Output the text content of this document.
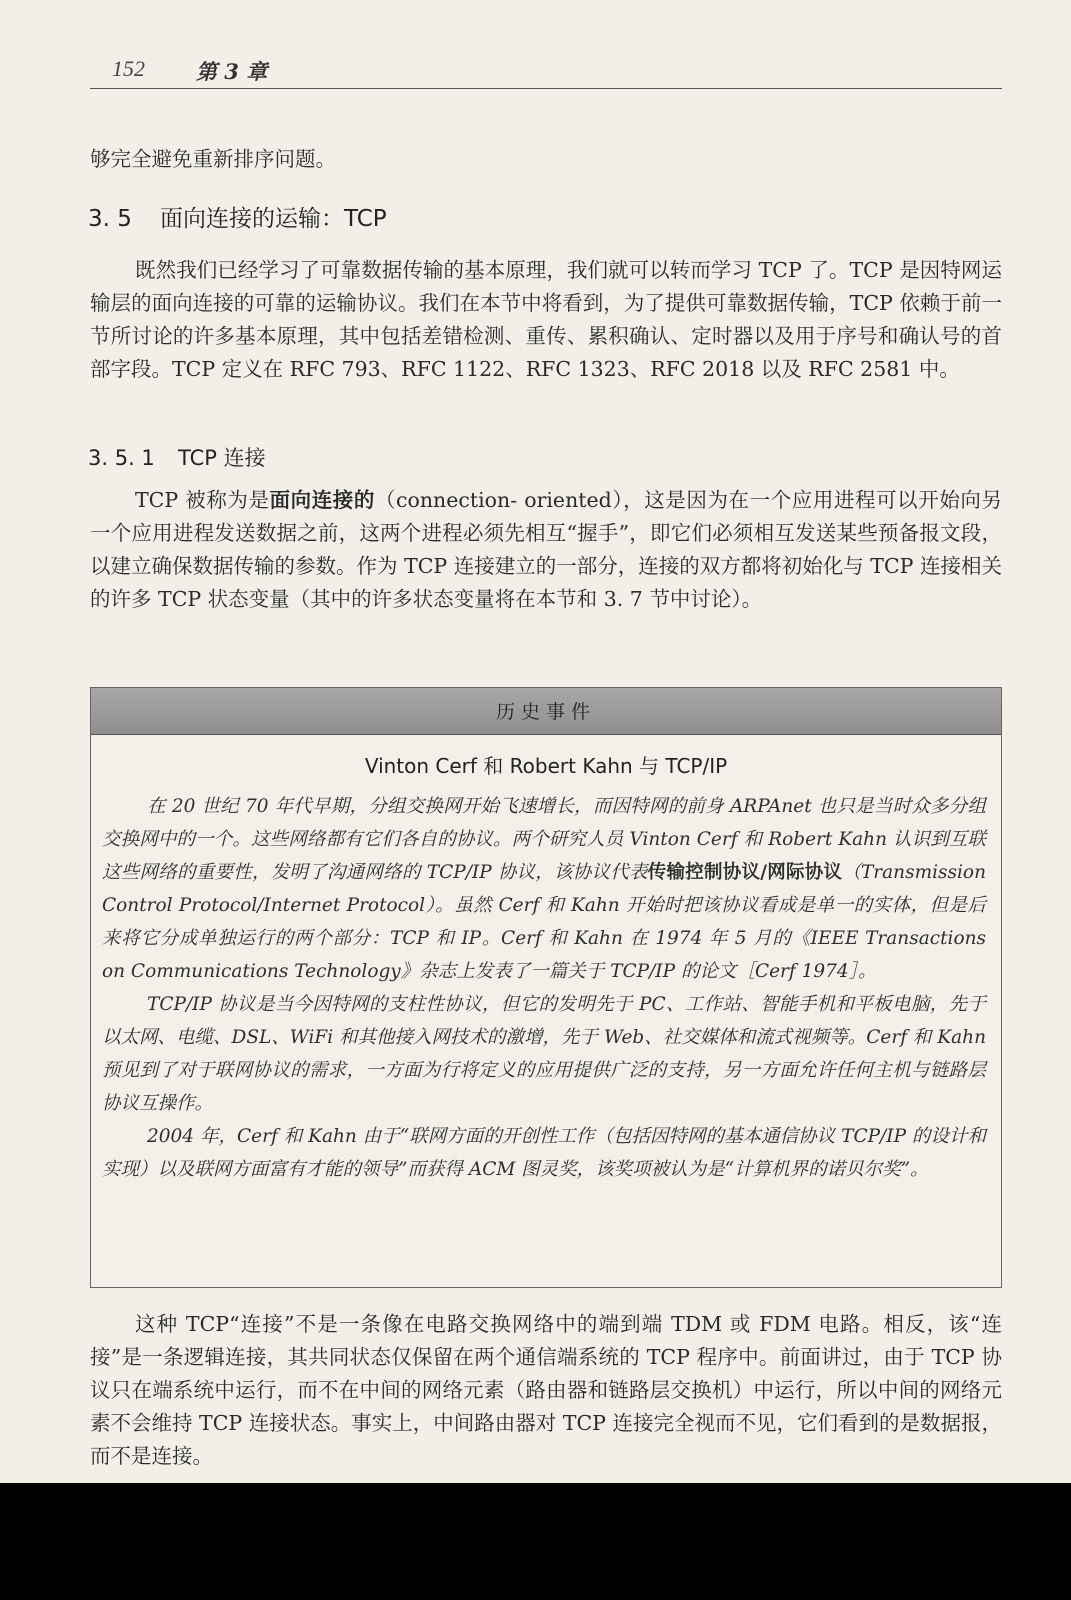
152 第 3 章
够完全避免重新排序问题。
3. 5 面向连接的运输：TCP
既然我们已经学习了可靠数据传输的基本原理，我们就可以转而学习 TCP 了。TCP 是因特网运输层的面向连接的可靠的运输协议。我们在本节中将看到，为了提供可靠数据传输，TCP 依赖于前一节所讨论的许多基本原理，其中包括差错检测、重传、累积确认、定时器以及用于序号和确认号的首部字段。TCP 定义在 RFC 793、RFC 1122、RFC 1323、RFC 2018 以及 RFC 2581 中。
3. 5. 1 TCP 连接
TCP 被称为是面向连接的（connection- oriented），这是因为在一个应用进程可以开始向另一个应用进程发送数据之前，这两个进程必须先相互“握手”，即它们必须相互发送某些预备报文段，以建立确保数据传输的参数。作为 TCP 连接建立的一部分，连接的双方都将初始化与 TCP 连接相关的许多 TCP 状态变量（其中的许多状态变量将在本节和 3. 7 节中讨论）。
历史事件
Vinton Cerf 和 Robert Kahn 与 TCP/IP
在 20 世纪 70 年代早期，分组交换网开始飞速增长，而因特网的前身 ARPAnet 也只是当时众多分组交换网中的一个。这些网络都有它们各自的协议。两个研究人员 Vinton Cerf 和 Robert Kahn 认识到互联这些网络的重要性，发明了沟通网络的 TCP/IP 协议，该协议代表传输控制协议/网际协议（Transmission Control Protocol/Internet Protocol）。虽然 Cerf 和 Kahn 开始时把该协议看成是单一的实体，但是后来将它分成单独运行的两个部分：TCP 和 IP。Cerf 和 Kahn 在 1974 年 5 月的《IEEE Transactions on Communications Technology》杂志上发表了一篇关于 TCP/IP 的论文［Cerf 1974］。
TCP/IP 协议是当今因特网的支柱性协议，但它的发明先于 PC、工作站、智能手机和平板电脑，先于以太网、电缆、DSL、WiFi 和其他接入网技术的激增，先于 Web、社交媒体和流式视频等。Cerf 和 Kahn 预见到了对于联网协议的需求，一方面为行将定义的应用提供广泛的支持，另一方面允许任何主机与链路层协议互操作。
2004 年，Cerf 和 Kahn 由于“联网方面的开创性工作（包括因特网的基本通信协议 TCP/IP 的设计和实现）以及联网方面富有才能的领导”而获得 ACM 图灵奖，该奖项被认为是“计算机界的诺贝尔奖”。
这种 TCP“连接”不是一条像在电路交换网络中的端到端 TDM 或 FDM 电路。相反，该“连接”是一条逻辑连接，其共同状态仅保留在两个通信端系统的 TCP 程序中。前面讲过，由于 TCP 协议只在端系统中运行，而不在中间的网络元素（路由器和链路层交换机）中运行，所以中间的网络元素不会维持 TCP 连接状态。事实上，中间路由器对 TCP 连接完全视而不见，它们看到的是数据报，而不是连接。
